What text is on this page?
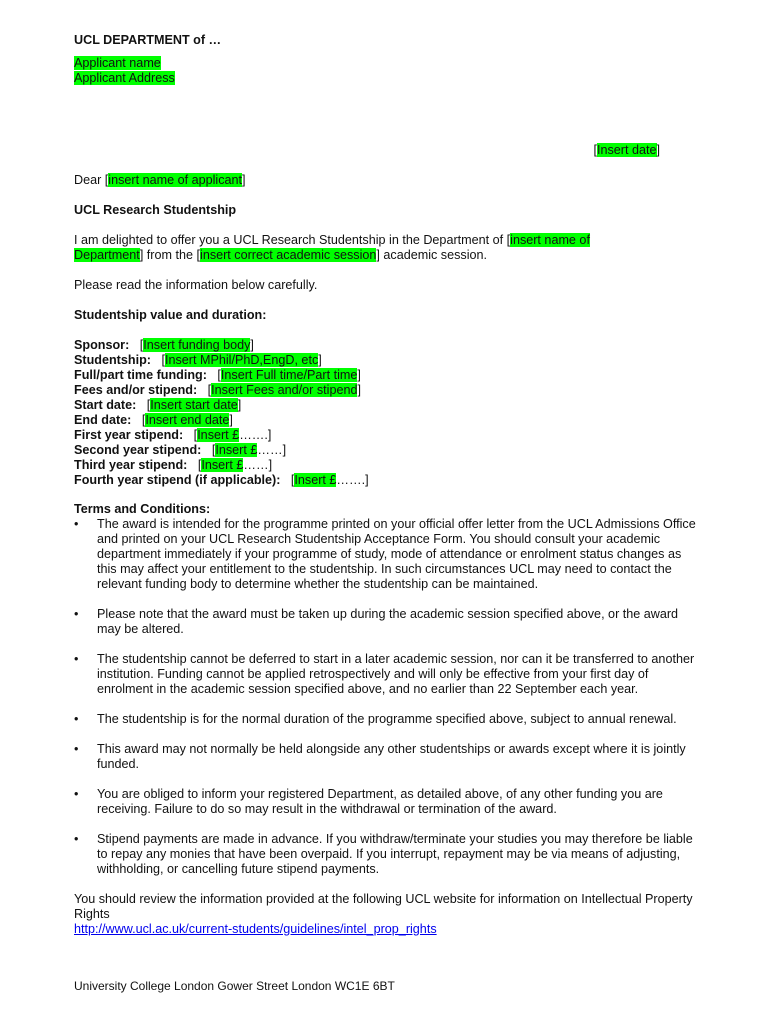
UCL DEPARTMENT of …

Applicant name

Applicant Address

[Insert date]

Dear [insert name of applicant]

UCL Research Studentship

I am delighted to offer you a UCL Research Studentship in the Department of [insert name of
Department] from the [insert correct academic session] academic session.

Please read the information below carefully.

Studentship value and duration:

Sponsor:   [Insert funding body]

Studentship:   [Insert MPhil/PhD,EngD, etc]

Full/part time funding:   [Insert Full time/Part time]

Fees and/or stipend:   [Insert Fees and/or stipend]

Start date:   [Insert start date]

End date:   [Insert end date]

First year stipend:   [Insert £…….]

Second year stipend:   [Insert £……]

Third year stipend:   [Insert £……]

Fourth year stipend (if applicable):   [Insert £…….]

Terms and Conditions:

• The award is intended for the programme printed on your official offer letter from the UCL Admissions Office and printed on your UCL Research Studentship Acceptance Form. You should consult your academic department immediately if your programme of study, mode of attendance or enrolment status changes as this may affect your entitlement to the studentship. In such circumstances UCL may need to contact the relevant funding body to determine whether the studentship can be maintained.
• Please note that the award must be taken up during the academic session specified above, or the award may be altered.
• The studentship cannot be deferred to start in a later academic session, nor can it be transferred to another institution. Funding cannot be applied retrospectively and will only be effective from your first day of enrolment in the academic session specified above, and no earlier than 22 September each year.
• The studentship is for the normal duration of the programme specified above, subject to annual renewal.
• This award may not normally be held alongside any other studentships or awards except where it is jointly funded.
• You are obliged to inform your registered Department, as detailed above, of any other funding you are receiving. Failure to do so may result in the withdrawal or termination of the award.
• Stipend payments are made in advance. If you withdraw/terminate your studies you may therefore be liable to repay any monies that have been overpaid. If you interrupt, repayment may be via means of adjusting, withholding, or cancelling future stipend payments.

You should review the information provided at the following UCL website for information on Intellectual Property Rights

http://www.ucl.ac.uk/current-students/guidelines/intel_prop_rights

University College London Gower Street London WC1E 6BT
